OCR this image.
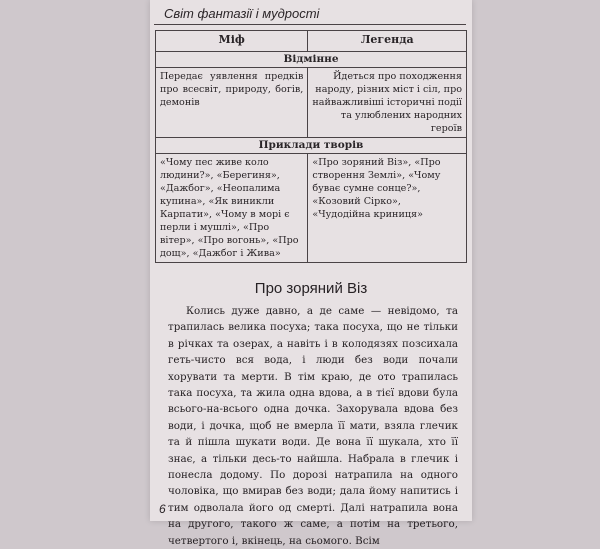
Світ фантазії і мудрості
Міф	Легенда
Відмінне	
Передає уявлення предків про всесвіт, природу, богів, демонів	Йдеться про походження народу, різних міст і сіл, про найважливіші історичні події та улюблених народних героїв
Приклади творів	
«Чому пес живе коло людини?», «Берегиня», «Дажбог», «Неопалима купина», «Як виникли Карпати», «Чому в морі є перли і мушлі», «Про вітер», «Про вогонь», «Про дощ», «Дажбог і Жива»	«Про зоряний Віз», «Про створення Землі», «Чому буває сумне сонце?», «Козовий Сірко», «Чудодійна криниця»
Про зоряний Віз

Колись дуже давно, а де саме — невідомо, та трапилась велика посуха; така посуха, що не тільки в річках та озерах, а навіть і в колодязях позсихала геть-чисто вся вода, і люди без води почали хорувати та мерти. В тім краю, де ото трапилась така посуха, та жила одна вдова, а в тієї вдови була всього-на-всього одна дочка. Захорувала вдова без води, і дочка, щоб не вмерла її мати, взяла глечик та й пішла шукати води. Де вона її шукала, хто її знає, а тільки десь-то найшла. Набрала в глечик і понесла додому. По дорозі натрапила на одного чоловіка, що вмирав без води; дала йому напитись і тим одволала його од смерті. Далі натрапила вона на другого, такого ж саме, а потім на третього, четвертого і, вкінець, на сьомого. Всім

6
